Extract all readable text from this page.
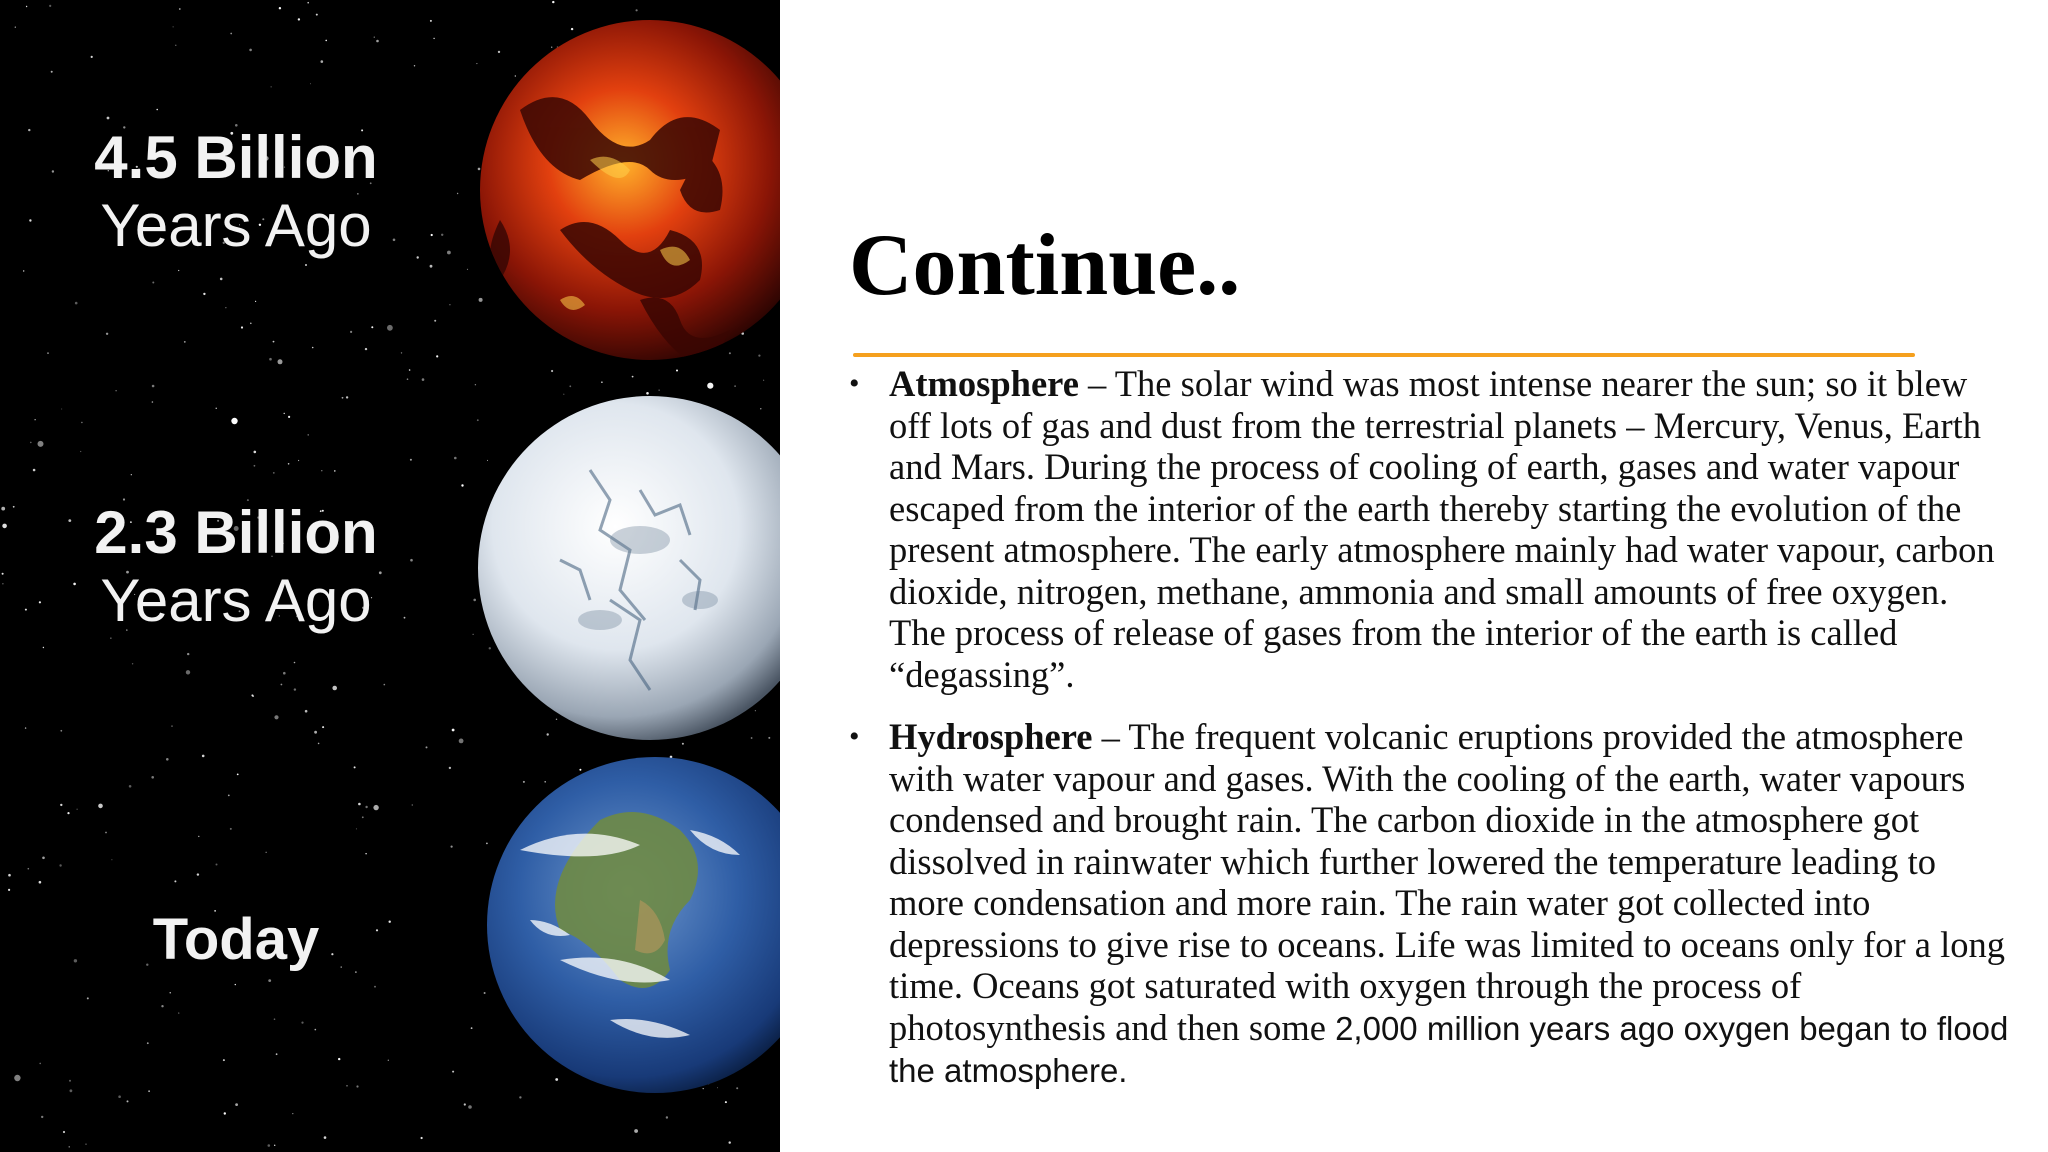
4.5 Billion
Years Ago
2.3 Billion
Years Ago
Today
Continue..
• Atmosphere – The solar wind was most intense nearer the sun; so it blew off lots of gas and dust from the terrestrial planets – Mercury, Venus, Earth and Mars. During the process of cooling of earth, gases and water vapour escaped from the interior of the earth thereby starting the evolution of the present atmosphere. The early atmosphere mainly had water vapour, carbon dioxide, nitrogen, methane, ammonia and small amounts of free oxygen. The process of release of gases from the interior of the earth is called “degassing”.
• Hydrosphere – The frequent volcanic eruptions provided the atmosphere with water vapour and gases. With the cooling of the earth, water vapours condensed and brought rain. The carbon dioxide in the atmosphere got dissolved in rainwater which further lowered the temperature leading to more condensation and more rain. The rain water got collected into depressions to give rise to oceans. Life was limited to oceans only for a long time. Oceans got saturated with oxygen through the process of photosynthesis and then some 2,000 million years ago oxygen began to flood the atmosphere.
